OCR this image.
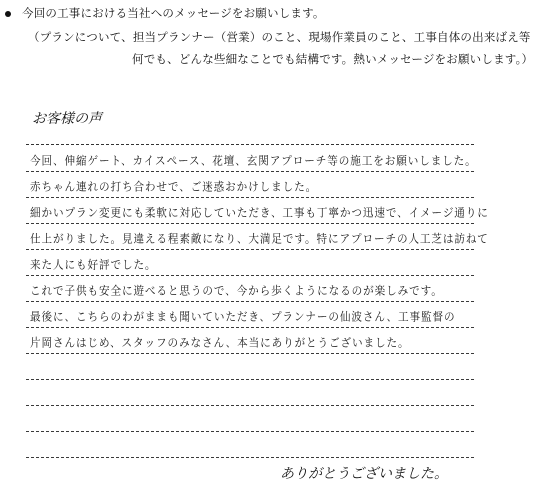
今回の工事における当社へのメッセージをお願いします。
（プランについて、担当プランナー（営業）のこと、現場作業員のこと、工事自体の出来ばえ等
何でも、どんな些細なことでも結構です。熱いメッセージをお願いします。）
お客様の声
今回、伸縮ゲート、カイスペース、花壇、玄関アプローチ等の施工をお願いしました。
赤ちゃん連れの打ち合わせで、ご迷惑おかけしました。
細かいプラン変更にも柔軟に対応していただき、工事も丁寧かつ迅速で、イメージ通りに
仕上がりました。見違える程素敵になり、大満足です。特にアプローチの人工芝は訪ねて
来た人にも好評でした。
これで子供も安全に遊べると思うので、今から歩くようになるのが楽しみです。
最後に、こちらのわがままも聞いていただき、プランナーの仙波さん、工事監督の
片岡さんはじめ、スタッフのみなさん、本当にありがとうございました。
ありがとうございました。
